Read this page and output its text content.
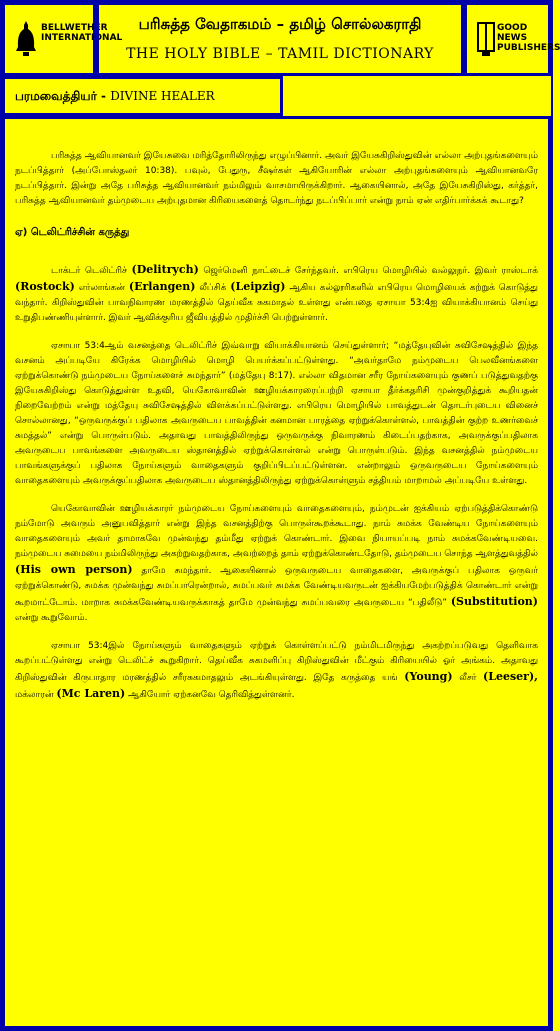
BELLWETHER INTERNATIONAL
பரிசுத்த வேதாகமம் – தமிழ் சொல்லகராதி
THE HOLY BIBLE – TAMIL DICTIONARY
GOOD NEWS PUBLISHERS
பரமவைத்தியர் - DIVINE HEALER

பரிசுத்த ஆவியானவர் இயேசுவை மரித்தோரிலிருந்து எழுப்பினார். அவர் இயேசுகிறிஸ்துவின் எல்லா அற்புதங்களையும் நடப்பித்தார் (அப்போஸ்தலர் 10:38). பவுல், பேதுரு, சீஷர்கள் ஆகியோரின் எல்லா அற்புதங்களையும் ஆவியானவரே நடப்பித்தார். இன்று அதே பரிசுத்த ஆவியானவர் நம்மிலும் வாசமாயிருக்கிறார். ஆகையினால், அதே இயேசுகிறிஸ்து, கர்த்தர், பரிசுத்த ஆவியானவர் தம்முடைய அற்புதமான கிரியைகளைத் தொடர்ந்து நடப்பிப்பார் என்று நாம் ஏன் எதிர்பார்க்கக் கூடாது?

ஏ) டெலிட்ரிச்சின் கருத்து

டாக்டர் டெலிட்ரிச் (Delitrych) ஜெர்மெனி நாட்டைச் சேர்ந்தவர். எபிரெய மொழியில் வல்லுநர். இவர் ராஸ்டாக் (Rostock) எர்லாங்கன் (Erlangen) லீப்சிக் (Leipzig) ஆகிய கல்லூரிகளில் எபிரெய மொழியைக் கற்றுக் கொடுத்து வந்தார். கிறிஸ்துவின் பாவநிவாரண மரணத்தில் தெய்வீக சுகமாதல் உள்ளது என்பதை ஏசாயா 53:4ஐ வியாக்கியானம் செய்து உறுதிபண்ணியுள்ளார். இவர் ஆவிக்குரிய ஜீவியத்தில் முதிர்ச்சி பெற்றுள்ளார்.

ஏசாயா 53:4ஆம் வசனத்தை டெலிட்ரிச் இவ்வாறு வியாக்கியானம் செய்துள்ளார்; “மத்தேயுவின் சுவிசேஷத்தில் இந்த வசனம் அப்படியே கிரேக்க மொழியில் மொழி பெயர்க்கப்பட்டுள்ளது. “அவர்தாமே நம்முடைய பெலவீனங்களை ஏற்றுக்கொண்டு நம்முடைய நோய்களைச் சுமந்தார்” (மத்தேயு 8:17). எல்லா விதமான சரீர நோய்களையும் குணப் படுத்துவதற்கு இயேசுகிறிஸ்து கொடுத்துள்ள உதவி, யெகோவாவின் ஊழியக்காரரைப்பற்றி ஏசாயா தீர்க்கதரிசி முன்குறித்துக் கூறியதன் நிறைவேற்றம் என்று மத்தேயு சுவிசேஷத்தில் விளக்கப்பட்டுள்ளது. எபிரெய மொழியில் பாவத்துடன் தொடர்புடைய வினைச் சொல்லானது, “ஒருவருக்குப் பதிலாக அவருடைய பாவத்தின் கனமான பாரத்தை ஏற்றுக்கொள்ளல், பாவத்தின் குற்ற உணர்வைச் சுமத்தல்” என்று பொருள்படும். அதாவது பாவத்திலிருந்து ஒருவருக்கு நிவாரணம் கிடைப்பதற்காக, அவருக்குப்பதிலாக அவருடைய பாவங்களை அவருடைய ஸ்தானத்தில் ஏற்றுக்கொள்ளல் என்று பொருள்படும். இந்த வசனத்தில் நம்முடைய பாவங்களுக்குப் பதிலாக நோய்களும் வாதைகளும் குறிப்பிடப்பட்டுள்ளன. என்றாலும் ஒருவருடைய நோய்களையும் வாதைகளையும் அவருக்குப்பதிலாக அவருடைய ஸ்தானத்திலிருந்து ஏற்றுக்கொள்ளும் சத்தியம் மாறாமல் அப்படியே உள்ளது.

யெகோவாவின் ஊழியக்காரர் நம்முடைய நோய்களையும் வாதைகளையும், நம்முடன் ஐக்கியம் ஏற்படுத்திக்கொண்டு நம்மோடு அவரும் அனுபவித்தார் என்று இந்த வசனத்திற்கு பொருள்கூறக்கூடாது. நாம் சுமக்க வேண்டிய நோய்களையும் வாதைகளையும் அவர் தாமாகவே முன்வந்து தம்மீது ஏற்றுக் கொண்டார். இவை நியாயப்படி நாம் சுமக்கவேண்டியவை. நம்முடைய சுமையை நம்மிலிருந்து அகற்றுவதற்காக, அவற்றைத் தாம் ஏற்றுக்கொண்டதோடு, தம்முடைய சொந்த ஆளத்துவத்தில் (His own person) தாமே சுமந்தார். ஆகையினால் ஒருவருடைய வாதைகளை, அவருக்குப் பதிலாக ஒருவர் ஏற்றுக்கொண்டு, சுமக்க முன்வந்து சுமப்பாரென்றால், சுமப்பவர் சுமக்க வேண்டியவருடன் ஐக்கியமேற்படுத்திக் கொண்டார் என்று கூறமாட்டோம். மாறாக சுமக்கவேண்டியவருக்காகத் தாமே முன்வந்து சுமப்பவரை அவருடைய “பதிலீடு” (Substitution) என்று கூறுவோம்.

ஏசாயா 53:4இல் நோய்களும் வாதைகளும் ஏற்றுக் கொள்ளப்பட்டு நம்மிடமிருந்து அகற்றப்படுவது தெளிவாக கூறப்பட்டுள்ளது என்று டெலிட்ச் கூறுகிறார். தெய்வீக சுகமளிப்பு கிறிஸ்துவின் மீட்கும் கிரியையில் ஓர் அங்கம். அதாவது கிறிஸ்துவின் கிருபாதார மரணத்தில் சரீரசுகமாதலும் அடங்கியுள்ளது. இதே கருத்தை யங் (Young) லீசர் (Leeser), மக்லாரன் (Mc Laren) ஆகியோர் ஏற்கனவே தெரிவித்துள்ளனர்.
